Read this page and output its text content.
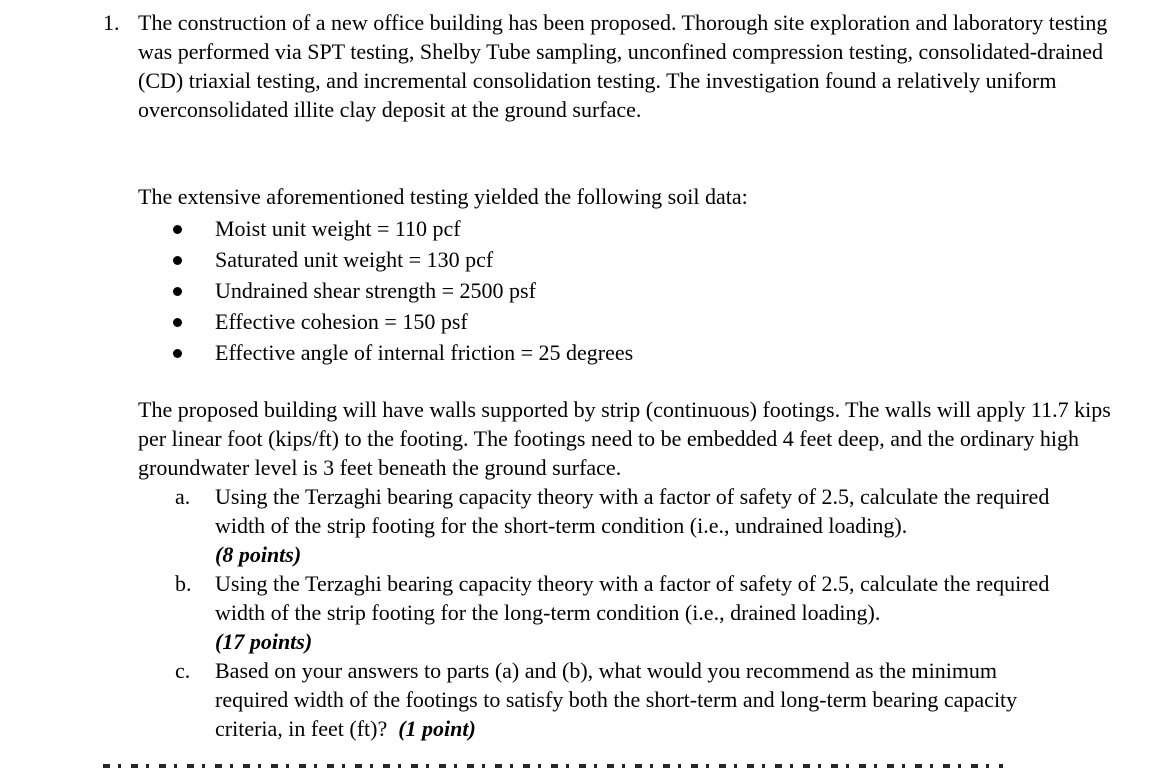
1. The construction of a new office building has been proposed. Thorough site exploration and laboratory testing was performed via SPT testing, Shelby Tube sampling, unconfined compression testing, consolidated-drained (CD) triaxial testing, and incremental consolidation testing. The investigation found a relatively uniform overconsolidated illite clay deposit at the ground surface.

The extensive aforementioned testing yielded the following soil data:

Moist unit weight = 110 pcf
Saturated unit weight = 130 pcf
Undrained shear strength = 2500 psf
Effective cohesion = 150 psf
Effective angle of internal friction = 25 degrees

The proposed building will have walls supported by strip (continuous) footings. The walls will apply 11.7 kips per linear foot (kips/ft) to the footing. The footings need to be embedded 4 feet deep, and the ordinary high groundwater level is 3 feet beneath the ground surface.

a. Using the Terzaghi bearing capacity theory with a factor of safety of 2.5, calculate the required width of the strip footing for the short-term condition (i.e., undrained loading).
(8 points)
b. Using the Terzaghi bearing capacity theory with a factor of safety of 2.5, calculate the required width of the strip footing for the long-term condition (i.e., drained loading).
(17 points)
c. Based on your answers to parts (a) and (b), what would you recommend as the minimum required width of the footings to satisfy both the short-term and long-term bearing capacity criteria, in feet (ft)? (1 point)
